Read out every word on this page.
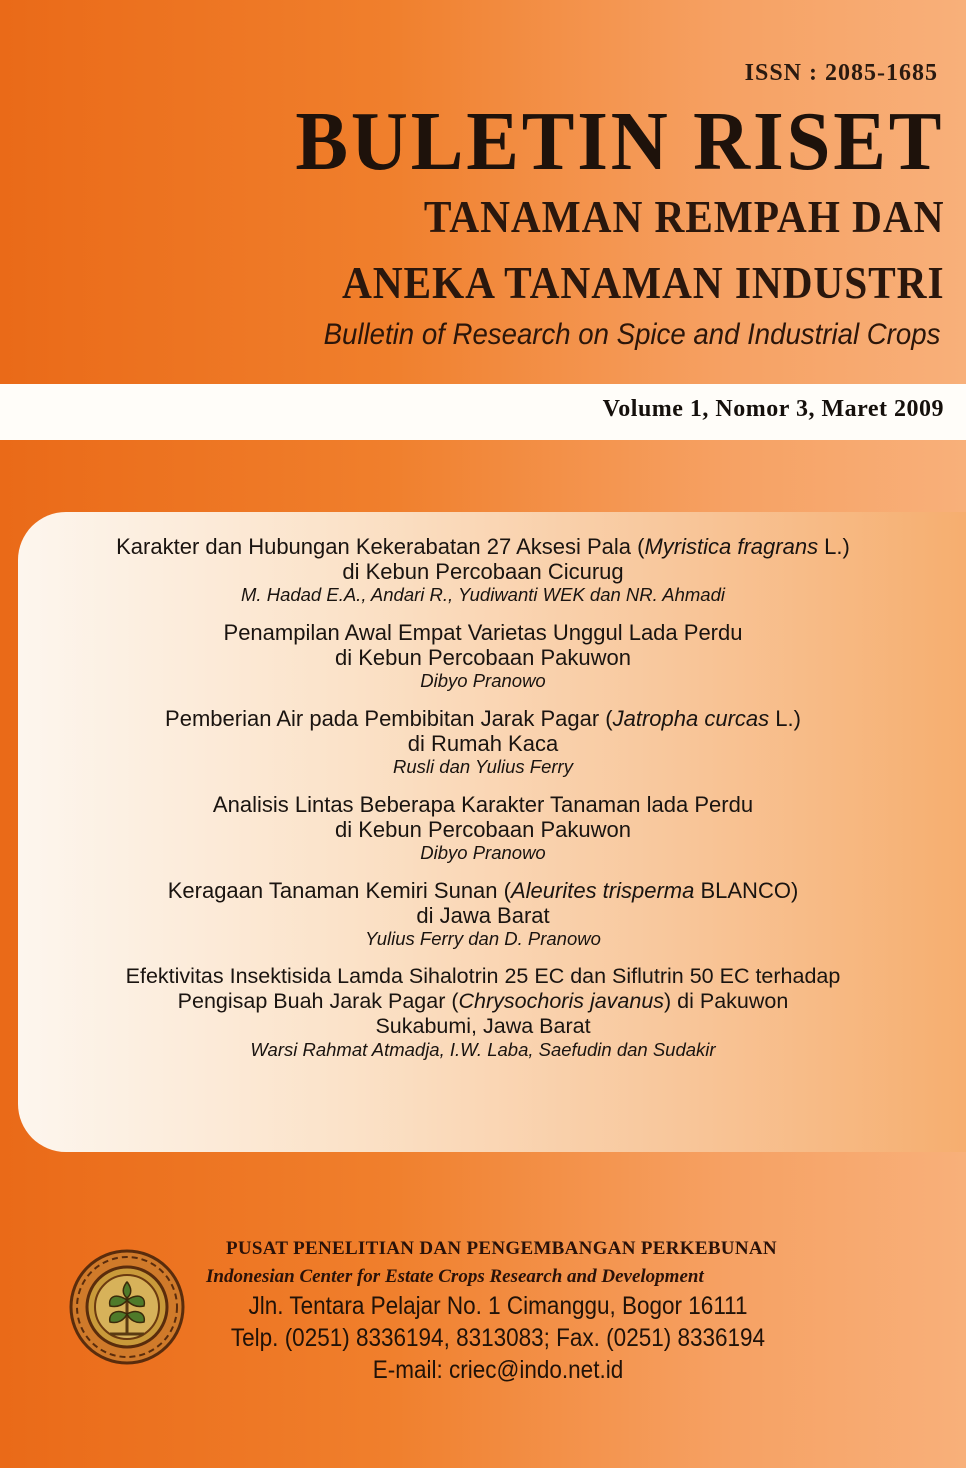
ISSN : 2085-1685
BULETIN RISET
TANAMAN REMPAH DAN
ANEKA TANAMAN INDUSTRI
Bulletin of Research on Spice and Industrial Crops
Volume 1, Nomor 3, Maret 2009
Karakter dan Hubungan Kekerabatan 27 Aksesi Pala (Myristica fragrans L.)
di Kebun Percobaan Cicurug
M. Hadad E.A., Andari R., Yudiwanti WEK dan NR. Ahmadi
Penampilan Awal Empat Varietas Unggul Lada Perdu
di Kebun Percobaan Pakuwon
Dibyo Pranowo
Pemberian Air pada Pembibitan Jarak Pagar (Jatropha curcas L.)
di Rumah Kaca
Rusli dan Yulius Ferry
Analisis Lintas Beberapa Karakter Tanaman lada Perdu
di Kebun Percobaan Pakuwon
Dibyo Pranowo
Keragaan Tanaman Kemiri Sunan (Aleurites trisperma BLANCO)
di Jawa Barat
Yulius Ferry dan D. Pranowo
Efektivitas Insektisida Lamda Sihalotrin 25 EC dan Siflutrin 50 EC terhadap
Pengisap Buah Jarak Pagar (Chrysochoris javanus) di Pakuwon
Sukabumi, Jawa Barat
Warsi Rahmat Atmadja, I.W. Laba, Saefudin dan Sudakir
PUSAT PENELITIAN DAN PENGEMBANGAN PERKEBUNAN
Indonesian Center for Estate Crops Research and Development
Jln. Tentara Pelajar No. 1 Cimanggu, Bogor 16111
Telp. (0251) 8336194, 8313083; Fax. (0251) 8336194
E-mail: criec@indo.net.id
